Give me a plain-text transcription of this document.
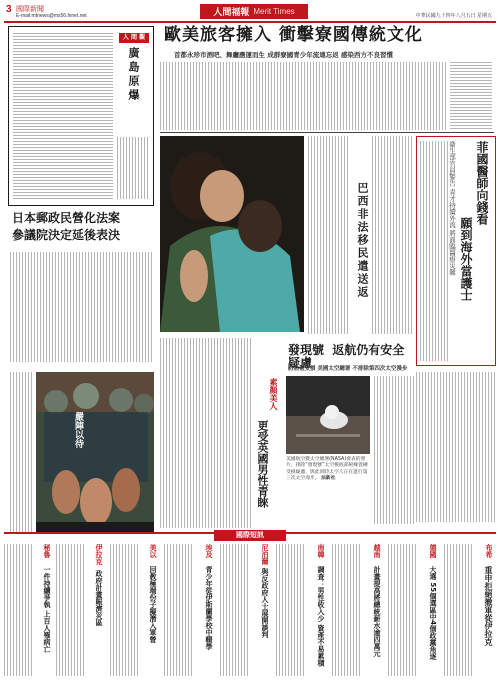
3 國際新聞
E-mail:mtnews@ms56.hinet.net	人間福報 Merit Times	中華民國九十四年八月五日 星期五
人 間 觀
廣島原爆
日本郵政民營化法案
參議院決定延後表決
嚴陣以待
歐美旅客擁入 衝擊寮國傳統文化
首都永珍市酒吧、舞廳應運而生 成群寮國青少年流連忘返 感染西方不良習慣
巴西非法移民遣送返	菲國醫師向錢看
願到海外當護士
衛生部官員警告 青才持續外流 將面臨醫療災難
發現號 返航仍有安全疑慮
防熱毯受損 美國太空總署 不排除第四次太空漫步
美國航空暨太空總署(NASA)發表的照片，排除“發現號”太空梭底部絕緣瓷磚受損疑慮，與此同時太空人正在進行第三次太空漫步。 法新社
素顏美人
更受英國男性青睞
國際短訊
布希
重申拒絕撤軍從伊拉克
德國
大選 55個選區中4個政黨角逐
越南
計畫提高將總統薪水逾四萬元
南韓
調查：男性收入少 資產不易累積
尼泊爾
與反政府人士展開談判
埃及
青少年從伊斯蘭學校中輟學
美以
回教極端份子擬潛入軍營
伊拉克
政府計畫賑濟災區
秘魯
一件持續爭執 上百人罹病亡
